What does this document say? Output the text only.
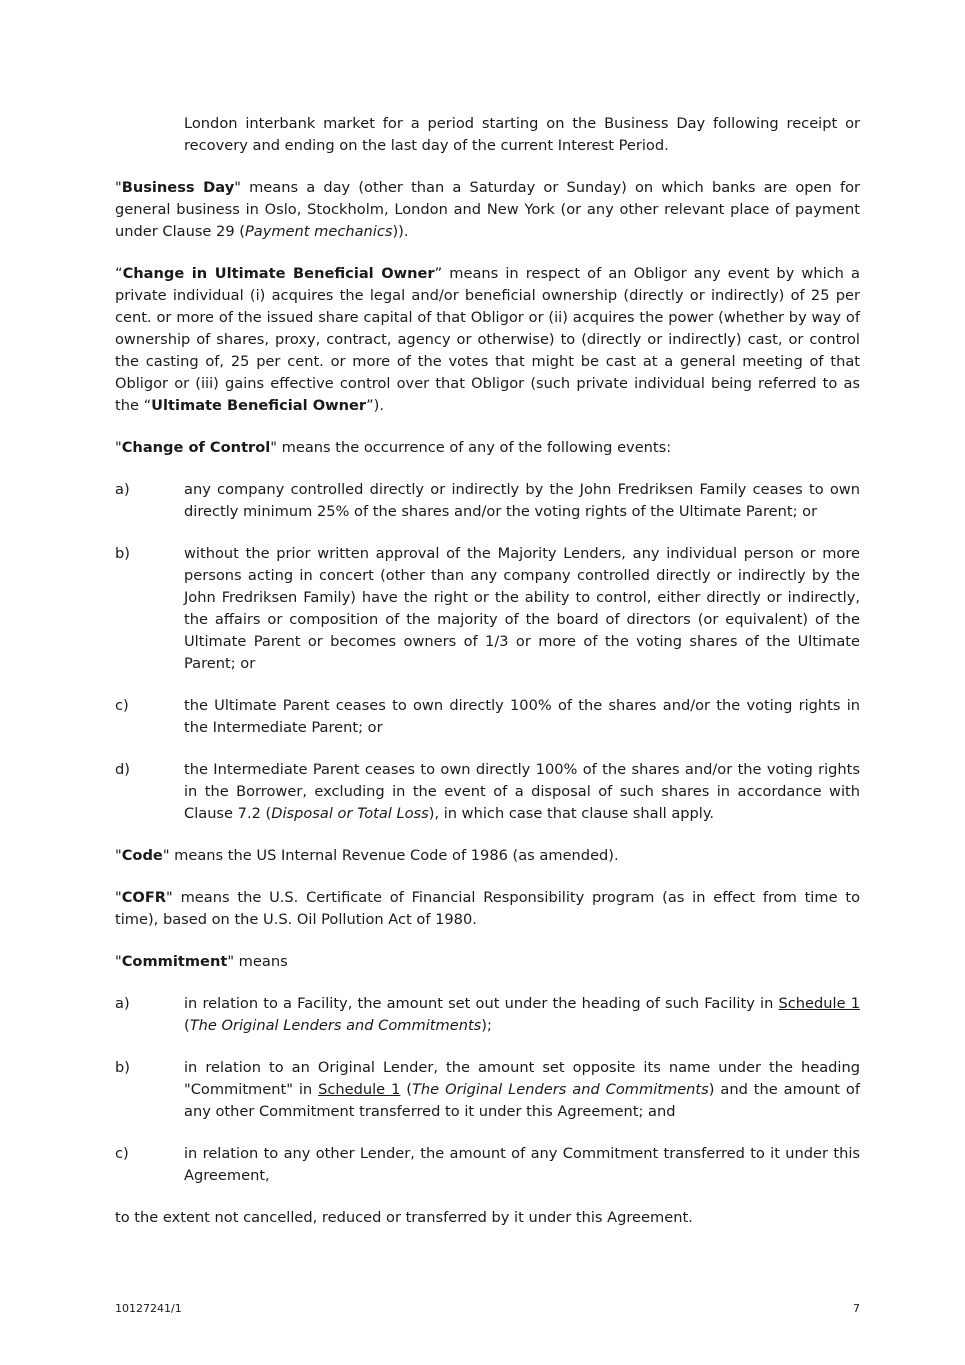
London interbank market for a period starting on the Business Day following receipt or recovery and ending on the last day of the current Interest Period.

"Business Day" means a day (other than a Saturday or Sunday) on which banks are open for general business in Oslo, Stockholm, London and New York (or any other relevant place of payment under Clause 29 (Payment mechanics)).

“Change in Ultimate Beneficial Owner” means in respect of an Obligor any event by which a private individual (i) acquires the legal and/or beneficial ownership (directly or indirectly) of 25 per cent. or more of the issued share capital of that Obligor or (ii) acquires the power (whether by way of ownership of shares, proxy, contract, agency or otherwise) to (directly or indirectly) cast, or control the casting of, 25 per cent. or more of the votes that might be cast at a general meeting of that Obligor or (iii) gains effective control over that Obligor (such private individual being referred to as the “Ultimate Beneficial Owner”).

"Change of Control" means the occurrence of any of the following events:

a)	any company controlled directly or indirectly by the John Fredriksen Family ceases to own directly minimum 25% of the shares and/or the voting rights of the Ultimate Parent; or
b)	without the prior written approval of the Majority Lenders, any individual person or more persons acting in concert (other than any company controlled directly or indirectly by the John Fredriksen Family) have the right or the ability to control, either directly or indirectly, the affairs or composition of the majority of the board of directors (or equivalent) of the Ultimate Parent or becomes owners of 1/3 or more of the voting shares of the Ultimate Parent; or
c)	the Ultimate Parent ceases to own directly 100% of the shares and/or the voting rights in the Intermediate Parent; or
d)	the Intermediate Parent ceases to own directly 100% of the shares and/or the voting rights in the Borrower, excluding in the event of a disposal of such shares in accordance with Clause 7.2 (Disposal or Total Loss), in which case that clause shall apply.

"Code" means the US Internal Revenue Code of 1986 (as amended).

"COFR" means the U.S. Certificate of Financial Responsibility program (as in effect from time to time), based on the U.S. Oil Pollution Act of 1980.

"Commitment" means

a)	in relation to a Facility, the amount set out under the heading of such Facility in Schedule 1 (The Original Lenders and Commitments);
b)	in relation to an Original Lender, the amount set opposite its name under the heading "Commitment" in Schedule 1 (The Original Lenders and Commitments) and the amount of any other Commitment transferred to it under this Agreement; and
c)	in relation to any other Lender, the amount of any Commitment transferred to it under this Agreement,

to the extent not cancelled, reduced or transferred by it under this Agreement.

10127241/1	7
